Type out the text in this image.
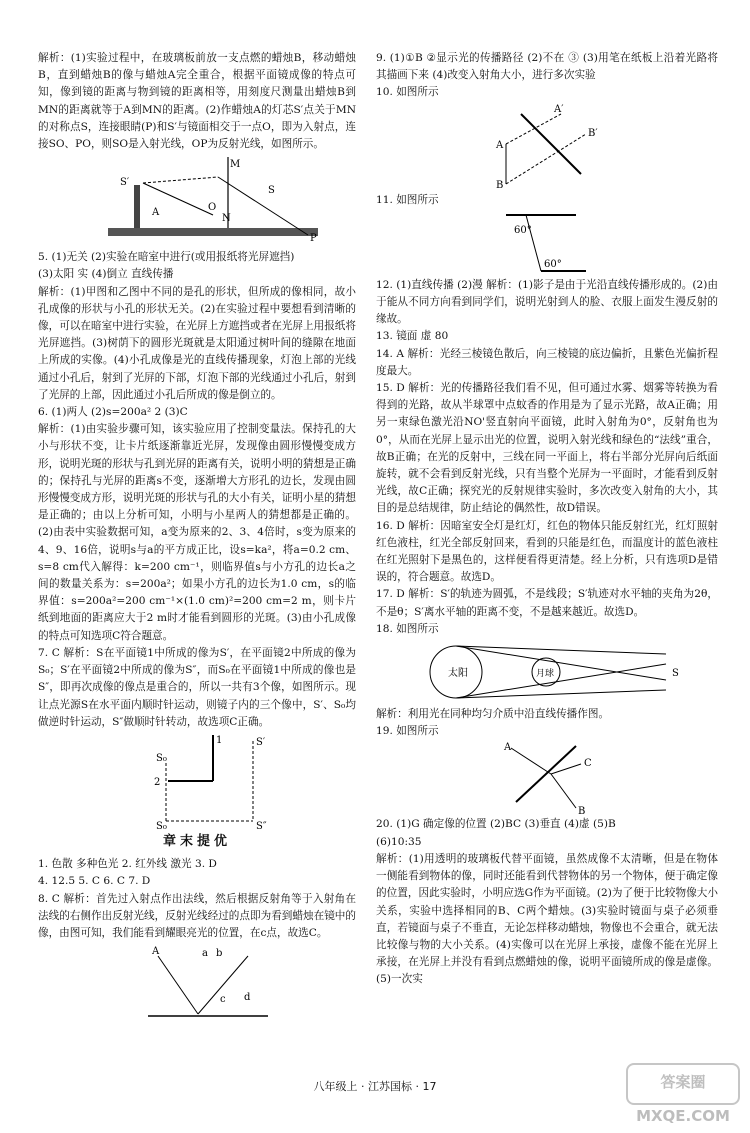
解析：(1)实验过程中，在玻璃板前放一支点燃的蜡烛B，移动蜡烛B，直到蜡烛B的像与蜡烛A完全重合，根据平面镜成像的特点可知，像到镜的距离与物到镜的距离相等，用刻度尺测量出蜡烛B到MN的距离就等于A到MN的距离。(2)作蜡烛A的灯芯S′点关于MN的对称点S，连接眼睛(P)和S′与镜面相交于一点O，即为入射点，连接SO、PO，则SO是入射光线，OP为反射光线，如图所示。

M
S′
S
O
A
N
P

5. (1)无关 (2)实验在暗室中进行(或用报纸将光屏遮挡)

(3)太阳 实 (4)倒立 直线传播

解析：(1)甲图和乙图中不同的是孔的形状，但所成的像相同，故小孔成像的形状与小孔的形状无关。(2)在实验过程中要想看到清晰的像，可以在暗室中进行实验，在光屏上方遮挡或者在光屏上用报纸将光屏遮挡。(3)树荫下的圆形光斑就是太阳通过树叶间的缝隙在地面上所成的实像。(4)小孔成像是光的直线传播现象，灯泡上部的光线通过小孔后，射到了光屏的下部，灯泡下部的光线通过小孔后，射到了光屏的上部，因此通过小孔后所成的像是倒立的。

6. (1)两人 (2)s=200a² 2 (3)C

解析：(1)由实验步骤可知，该实验应用了控制变量法。保持孔的大小与形状不变，让卡片纸逐渐靠近光屏，发现像由圆形慢慢变成方形，说明光斑的形状与孔到光屏的距离有关，说明小明的猜想是正确的；保持孔与光屏的距离s不变，逐渐增大方形孔的边长，发现由圆形慢慢变成方形，说明光斑的形状与孔的大小有关，证明小星的猜想是正确的；由以上分析可知，小明与小星两人的猜想都是正确的。(2)由表中实验数据可知，a变为原来的2、3、4倍时，s变为原来的4、9、16倍，说明s与a的平方成正比，设s=ka²，将a=0.2 cm、s=8 cm代入解得：k=200 cm⁻¹，则临界值s与小方孔的边长a之间的数量关系为：s=200a²；如果小方孔的边长为1.0 cm，s的临界值：s=200a²=200 cm⁻¹×(1.0 cm)²=200 cm=2 m，则卡片纸到地面的距离应大于2 m时才能看到圆形的光斑。(3)由小孔成像的特点可知选项C符合题意。

7. C 解析：S在平面镜1中所成的像为S′，在平面镜2中所成的像为S₀；S′在平面镜2中所成的像为S″，而S₀在平面镜1中所成的像也是S″，即再次成像的像点是重合的，所以一共有3个像，如图所示。现让点光源S在水平面内顺时针运动，则镜子内的三个像中，S′、S₀均做逆时针运动，S″做顺时针转动，故选项C正确。

S₀
S′
1
2
S₀	S″
章末提优

1. 色散 多种色光 2. 红外线 激光 3. D

4. 12.5 5. C 6. C 7. D

8. C 解析：首先过入射点作出法线，然后根据反射角等于入射角在法线的右侧作出反射光线，反射光线经过的点即为看到蜡烛在镜中的像，由图可知，我们能看到耀眼亮光的位置，在c点，故选C。

A	a b
c d

9. (1)①B ②显示光的传播路径 (2)不在 ③ (3)用笔在纸板上沿着光路将其描画下来 (4)改变入射角大小，进行多次实验

10. 如图所示

A
A′
B′
B

11. 如图所示

60°
60°

12. (1)直线传播 (2)漫 解析：(1)影子是由于光沿直线传播形成的。(2)由于能从不同方向看到同学们，说明光射到人的脸、衣服上面发生漫反射的缘故。

13. 镜面 虚 80

14. A 解析：光经三棱镜色散后，向三棱镜的底边偏折，且紫色光偏折程度最大。

15. D 解析：光的传播路径我们看不见，但可通过水雾、烟雾等转换为看得到的光路，故从半球罩中点蚊香的作用是为了显示光路，故A正确；用另一束绿色激光沿NO'竖直射向平面镜，此时入射角为0°，反射角也为0°，从而在光屏上显示出光的位置，说明入射光线和绿色的“法线”重合，故B正确；在光的反射中，三线在同一平面上，将右半部分光屏向后纸面旋转，就不会看到反射光线，只有当整个光屏为一平面时，才能看到反射光线，故C正确；探究光的反射规律实验时，多次改变入射角的大小，其目的是总结规律，防止结论的偶然性，故D错误。

16. D 解析：因暗室安全灯是红灯，红色的物体只能反射红光，红灯照射红色液柱，红光全部反射回来，看到的只能是红色，而温度计的蓝色液柱在红光照射下是黑色的，这样便看得更清楚。经上分析，只有选项D是错误的，符合题意。故选D。

17. D 解析：S′的轨迹为圆弧，不是线段；S′轨迹对水平轴的夹角为2θ，不是θ；S′离水平轴的距离不变，不是越来越近。故选D。

18. 如图所示

太阳	月球	S

解析：利用光在同种均匀介质中沿直线传播作图。

19. 如图所示

A
C
B

20. (1)G 确定像的位置 (2)BC (3)垂直 (4)虚 (5)B

(6)10:35

解析：(1)用透明的玻璃板代替平面镜，虽然成像不太清晰，但是在物体一侧能看到物体的像，同时还能看到代替物体的另一个物体，便于确定像的位置，因此实验时，小明应选G作为平面镜。(2)为了便于比较物像大小关系，实验中选择相同的B、C两个蜡烛。(3)实验时镜面与桌子必须垂直，若镜面与桌子不垂直，无论怎样移动蜡烛，物像也不会重合，就无法比较像与物的大小关系。(4)实像可以在光屏上承接，虚像不能在光屏上承接，在光屏上并没有看到点燃蜡烛的像，说明平面镜所成的像是虚像。(5)一次实

八年级上 · 江苏国标 · 17	答案圈 MXQE.COM
